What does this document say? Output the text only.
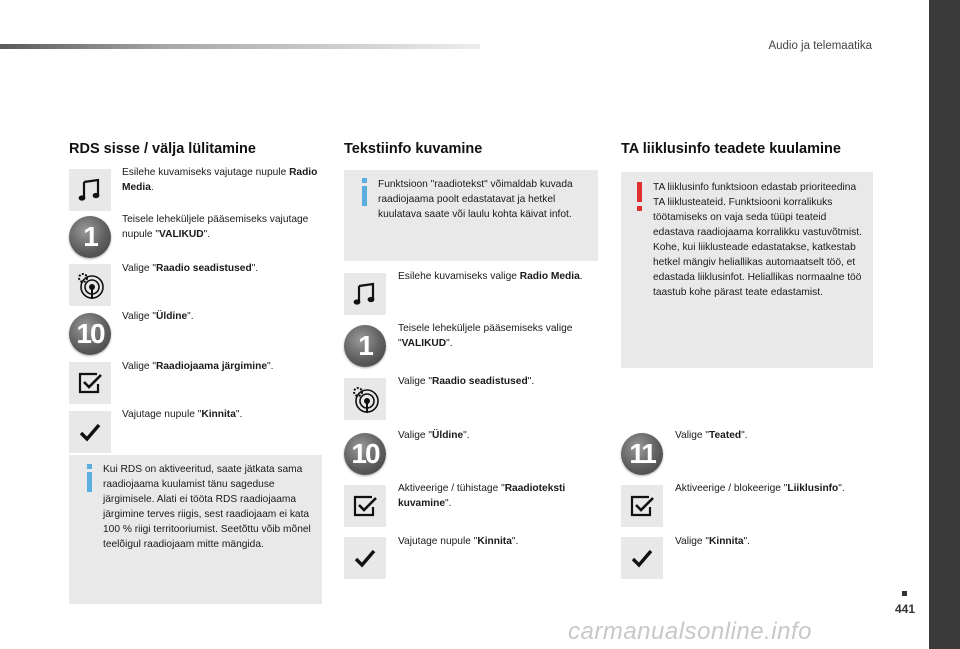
Audio ja telemaatika
RDS sisse / välja lülitamine
Esilehe kuvamiseks vajutage nupule Radio Media.
1
Teisele leheküljele pääsemiseks vajutage nupule "VALIKUD".
Valige "Raadio seadistused".
10
Valige "Üldine".
Valige "Raadiojaama järgimine".
Vajutage nupule "Kinnita".
Kui RDS on aktiveeritud, saate jätkata sama raadiojaama kuulamist tänu sageduse järgimisele. Alati ei tööta RDS raadiojaama järgimine terves riigis, sest raadiojaam ei kata 100 % riigi territooriumist. Seetõttu võib mõnel teelõigul raadiojaam mitte mängida.
Tekstiinfo kuvamine
Funktsioon "raadiotekst" võimaldab kuvada raadiojaama poolt edastatavat ja hetkel kuulatava saate või laulu kohta käivat infot.
Esilehe kuvamiseks valige Radio Media.
1
Teisele leheküljele pääsemiseks valige "VALIKUD".
Valige "Raadio seadistused".
10
Valige "Üldine".
Aktiveerige / tühistage "Raadioteksti kuvamine".
Vajutage nupule "Kinnita".
TA liiklusinfo teadete kuulamine
TA liiklusinfo funktsioon edastab prioriteedina TA liiklusteateid. Funktsiooni korralikuks töötamiseks on vaja seda tüüpi teateid edastava raadiojaama korralikku vastuvõtmist. Kohe, kui liiklusteade edastatakse, katkestab hetkel mängiv heliallikas automaatselt töö, et edastada liiklusinfot. Heliallikas normaalne töö taastub kohe pärast teate edastamist.
11
Valige "Teated".
Aktiveerige / blokeerige "Liiklusinfo".
Valige "Kinnita".
441
carmanualsonline.info
